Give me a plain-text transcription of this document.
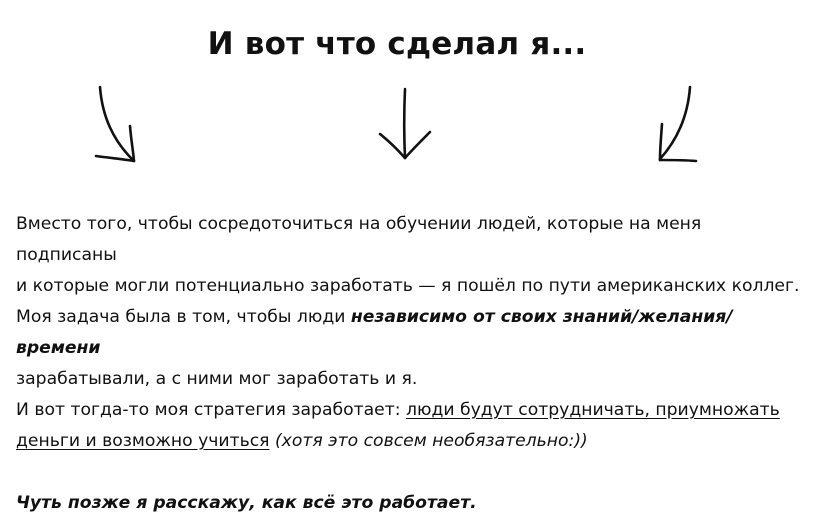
И вот что сделал я...

Вместо того, чтобы сосредоточиться на обучении людей, которые на меня подписаны
и которые могли потенциально заработать — я пошёл по пути американских коллег.

Моя задача была в том, чтобы люди независимо от своих знаний/желания/времени
зарабатывали, а с ними мог заработать и я.

И вот тогда-то моя стратегия заработает: люди будут сотрудничать, приумножать
деньги и возможно учиться (хотя это совсем необязательно:))

Чуть позже я расскажу, как всё это работает.
